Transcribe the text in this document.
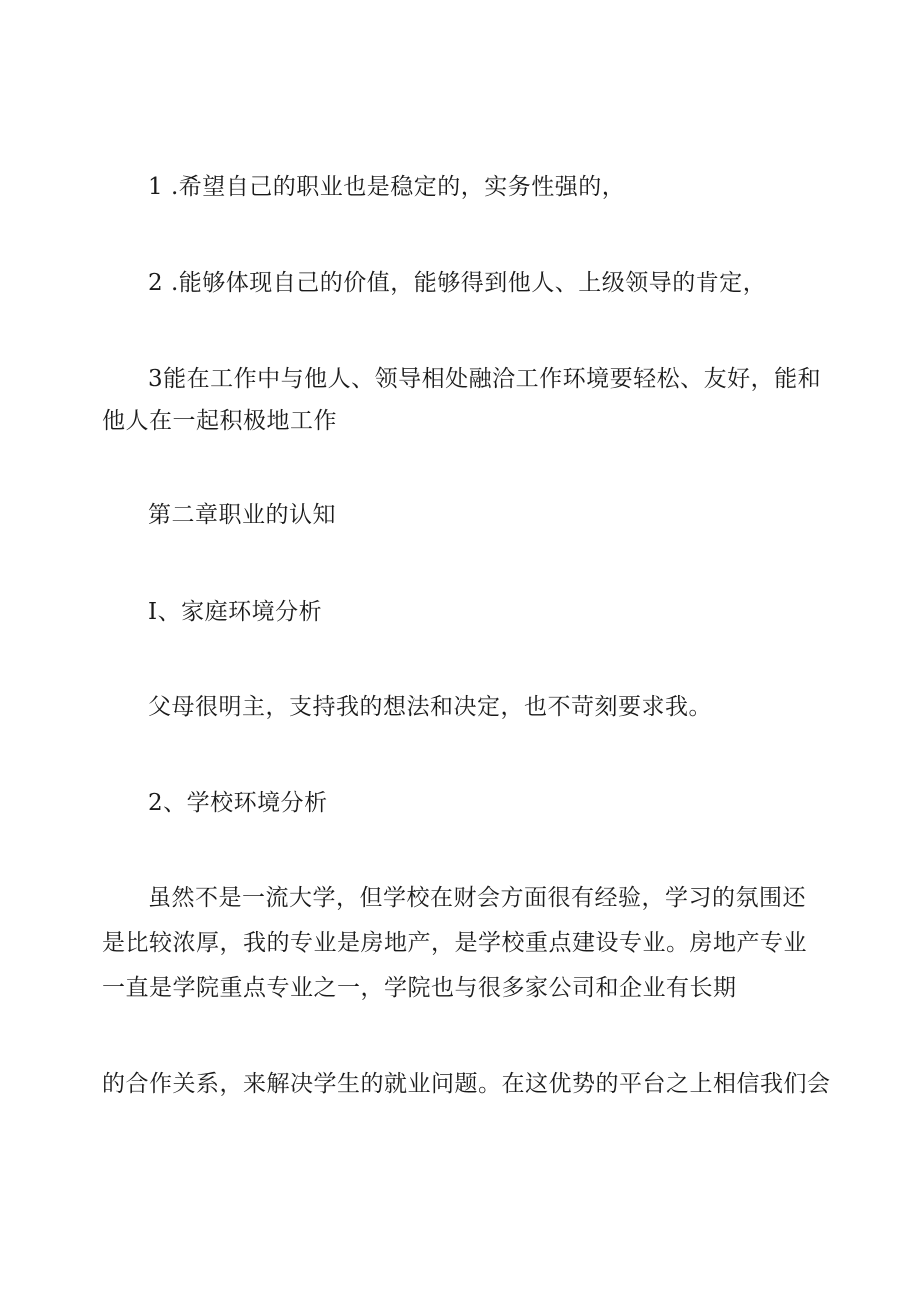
1 .希望自己的职业也是稳定的，实务性强的，
2 .能够体现自己的价值，能够得到他人、上级领导的肯定，
3能在工作中与他人、领导相处融洽工作环境要轻松、友好，能和
他人在一起积极地工作
第二章职业的认知
I、家庭环境分析
父母很明主，支持我的想法和决定，也不苛刻要求我。
2、学校环境分析
虽然不是一流大学，但学校在财会方面很有经验，学习的氛围还
是比较浓厚，我的专业是房地产，是学校重点建设专业。房地产专业
一直是学院重点专业之一，学院也与很多家公司和企业有长期
的合作关系，来解决学生的就业问题。在这优势的平台之上相信我们会
